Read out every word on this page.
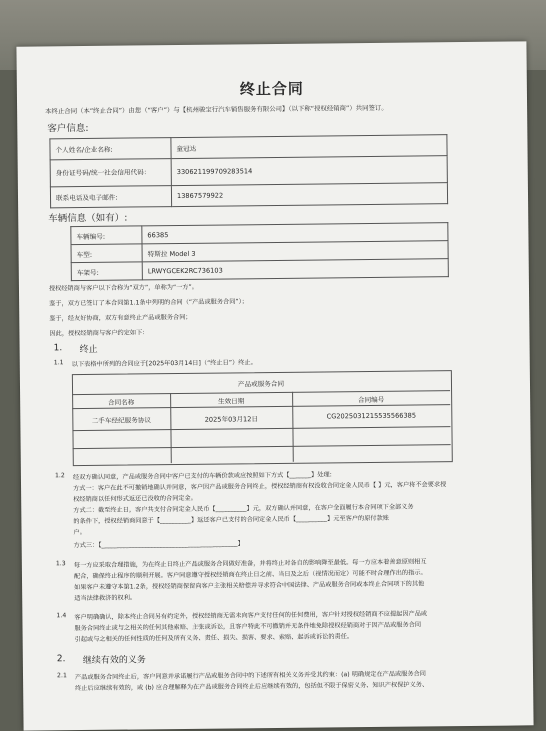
终止合同
本终止合同（本“终止合同”）由您（“客户”）与【杭州骏宝行汽车销售服务有限公司】（以下称“授权经销商”）共同签订。
客户信息:
个人姓名/企业名称:	童冠达
身份证号码/统一社会信用代码：	330621199709283514
联系电话及电子邮件:	13867579922
车辆信息（如有）:
车辆编号:	66385
车型:	特斯拉 Model 3
车架号:	LRWYGCEK2RC736103
授权经销商与客户以下合称为“双方”，单称为“一方”。
鉴于，双方已签订了本合同第1.1条中列明的合同（“产品或服务合同”）；
鉴于，经友好协商，双方有意终止产品或服务合同；
因此，授权经销商与客户约定如下：
1. 终止
1.1 以下表格中所列的合同应于[2025年03月14日]（“终止日”）终止。
产品或服务合同
合同名称	生效日期	合同编号
二手车经纪服务协议	2025年03月12日	CG2025031215535566385
1.2 经双方确认同意，产品或服务合同中客户已支付的车辆价款或应按照如下方式【_______】处理:
方式一：客户在此不可撤销地确认并同意，客户因产品或服务合同终止，授权经销商有权没收合同定金人民币【 】元，客户将不会要求授
权经销商以任何形式返还已没收的合同定金。
方式二：截至终止日，客户共支付合同定金人民币【__________】元，双方确认并同意，在客户全面履行本合同项下全部义务
的条件下，授权经销商同意于【__________】返还客户已支付的合同定金人民币【__________】元至客户的原付款账
户。
方式三：【____________________________________________】
1.3 每一方应采取合理措施，为在终止日终止产品或服务合同做好准备，并将终止对各自的影响降至最低。每一方应本着善意原则相互
配合，确保终止程序的顺利开展。客户同意遵守授权经销商在终止日之前、当日及之后（视情况而定）可能不时合理作出的指示。
如果客户未遵守本第1.2条，授权经销商保留向客户主张相关赔偿并寻求符合中国法律、产品或服务合同或本终止合同项下的其他
适当法律救济的权利。
1.4 客户明确确认，除本终止合同另有约定外，授权经销商无需未向客户支付任何的任何费用，客户针对授权经销商不应提起因产品或
服务合同终止或与之相关的任何其他索赔、主张或诉讼，且客户特此不可撤销并无条件地免除授权经销商对于因产品或服务合同
引起或与之相关的任何性质的任何及所有义务、责任、损失、损害、要求、索赔、起诉或诉讼的责任。
2. 继续有效的义务
2.1 产品或服务合同终止后，客户同意并承诺履行产品或服务合同中的下述所有相关义务并受其约束：(a) 明确规定在产品或服务合同
终止后应继续有效的，或 (b) 应合理解释为在产品或服务合同终止后应继续有效的，包括但不限于保密义务、知识产权保护义务、
